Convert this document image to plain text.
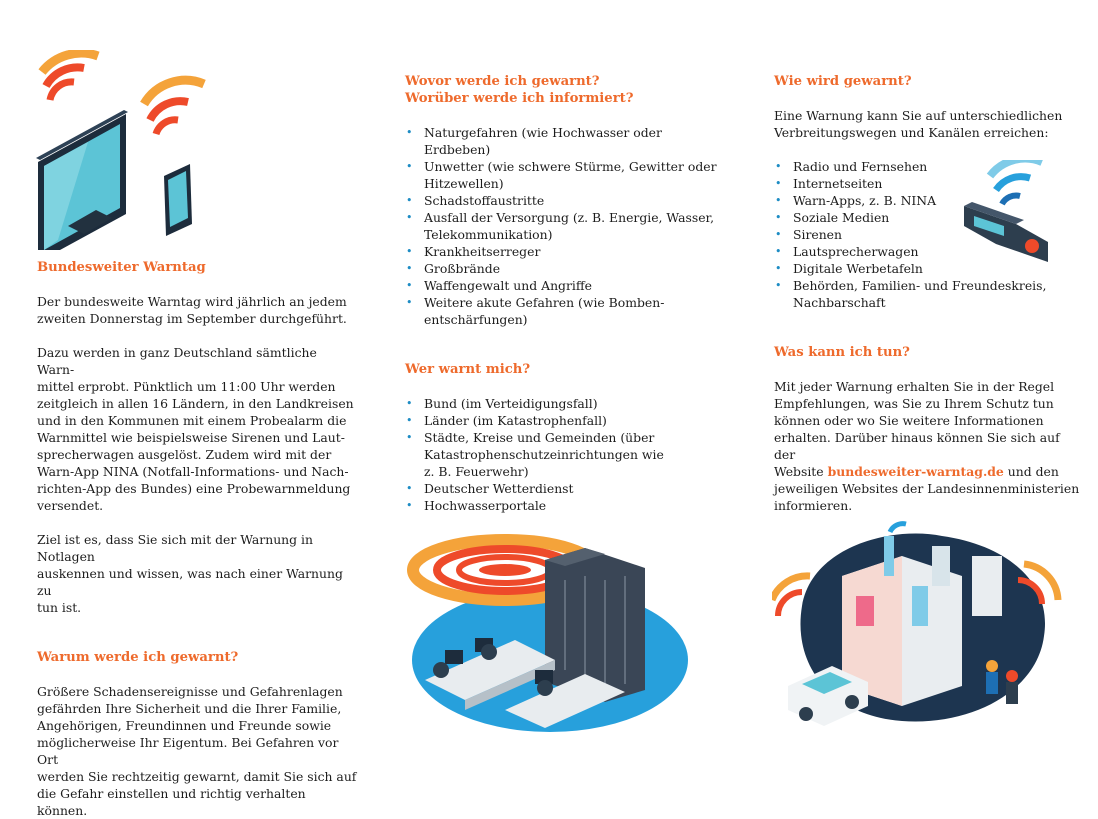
Bundesweiter Warntag

Der bundesweite Warntag wird jährlich an jedem
zweiten Donnerstag im September durchgeführt.

Dazu werden in ganz Deutschland sämtliche Warn-
mittel erprobt. Pünktlich um 11:00 Uhr werden
zeitgleich in allen 16 Ländern, in den Landkreisen
und in den Kommunen mit einem Probealarm die
Warnmittel wie beispielsweise Sirenen und Laut-
sprecherwagen ausgelöst. Zudem wird mit der
Warn-App NINA (Notfall-Informations- und Nach-
richten-App des Bundes) eine Probewarnmeldung
versendet.

Ziel ist es, dass Sie sich mit der Warnung in Notlagen
auskennen und wissen, was nach einer Warnung zu
tun ist.

Warum werde ich gewarnt?

Größere Schadensereignisse und Gefahrenlagen
gefährden Ihre Sicherheit und die Ihrer Familie,
Angehörigen, Freundinnen und Freunde sowie
möglicherweise Ihr Eigentum. Bei Gefahren vor Ort
werden Sie rechtzeitig gewarnt, damit Sie sich auf
die Gefahr einstellen und richtig verhalten können.

Wovor werde ich gewarnt?
Worüber werde ich informiert?

• Naturgefahren (wie Hochwasser oder Erdbeben)
• Unwetter (wie schwere Stürme, Gewitter oder
Hitzewellen)
• Schadstoffaustritte
• Ausfall der Versorgung (z. B. Energie, Wasser,
Telekommunikation)
• Krankheitserreger
• Großbrände
• Waffengewalt und Angriffe
• Weitere akute Gefahren (wie Bomben-
entschärfungen)

Wer warnt mich?

• Bund (im Verteidigungsfall)
• Länder (im Katastrophenfall)
• Städte, Kreise und Gemeinden (über
Katastrophenschutzeinrichtungen wie
z. B. Feuerwehr)
• Deutscher Wetterdienst
• Hochwasserportale

Wie wird gewarnt?

Eine Warnung kann Sie auf unterschiedlichen
Verbreitungswegen und Kanälen erreichen:

• Radio und Fernsehen
• Internetseiten
• Warn-Apps, z. B. NINA
• Soziale Medien
• Sirenen
• Lautsprecherwagen
• Digitale Werbetafeln
• Behörden, Familien- und Freundeskreis,
Nachbarschaft

Was kann ich tun?

Mit jeder Warnung erhalten Sie in der Regel
Empfehlungen, was Sie zu Ihrem Schutz tun
können oder wo Sie weitere Informationen
erhalten. Darüber hinaus können Sie sich auf der
Website bundesweiter-warntag.de und den
jeweiligen Websites der Landesinnenministerien
informieren.
